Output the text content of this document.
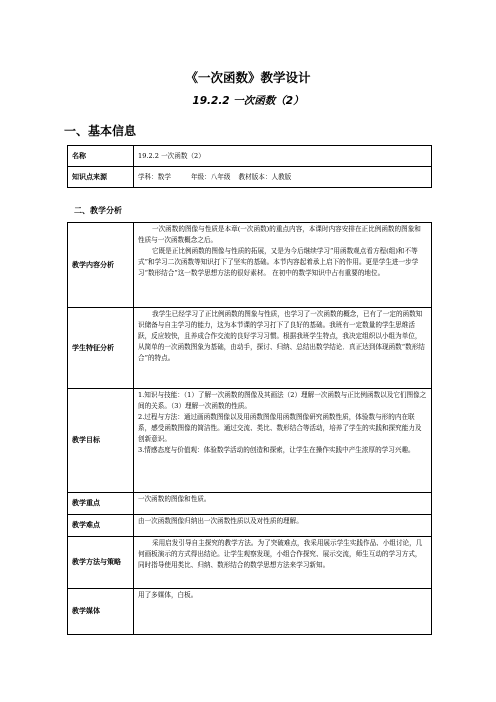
《一次函数》教学设计
19.2.2 一次函数（2）
一、基本信息
名称	19.2.2 一次函数（2）
知识点来源	学科：数学 年级：八年级 教材版本：人教版
二、教学分析
教学内容分析	一次函数的图像与性质是本章(一次函数)的重点内容，本课时内容安排在正比例函数的图象和性质与一次函数概念之后。

它既是正比例函数的图像与性质的拓展，又是为今后继续学习“用函数观点看方程(组)和不等式”和学习二次函数等知识打下了坚实的基础。本节内容起着承上启下的作用。更是学生进一步学习“数形结合”这一数学思想方法的很好素材。 在初中的数学知识中占有重要的地位。

学生特征分析	我学生已经学习了正比例函数的图象与性质，也学习了一次函数的概念，已有了一定的函数知识储备与自主学习的能力，这为本节课的学习打下了良好的基础。我班有一定数量的学生思维活跃，反应较快，且养成合作交流的良好学习习惯。根据我班学生特点，我决定组织以小组为单位，从简单的一次函数图象为基础，由动手，探讨、归纳、总结出数学结论．真正达到体现函数“数形结合”的特点。

教学目标	1.知识与技能：（1）了解一次函数的图像及其画法（2）理解一次函数与正比例函数以及它们图像之间的关系。（3）理解一次函数的性质。

2.过程与方法：通过画函数图像以及用函数图像用函数图像研究函数性质，体验数与形的内在联系，感受函数图像的简洁性。通过交流、类比、数形结合等活动，培养了学生的实践和探究能力及创新意识。

3.情感态度与价值观：体验数学活动的创造和探索，让学生在操作实践中产生浓厚的学习兴趣。

教学重点	一次函数的图像和性质。
教学难点	由一次函数图像归纳出一次函数性质以及对性质的理解。
教学方法与策略	采用启发引导自主探究的教学方法。为了突破难点，我采用展示学生实践作品、小组讨论，几何画板演示的方式得出结论。让学生观察发现，小组合作探究、展示交流，师生互动的学习方式，同时指导使用类比、归纳、数形结合的数学思想方法来学习新知。

教学媒体	用了多媒体，白板。
